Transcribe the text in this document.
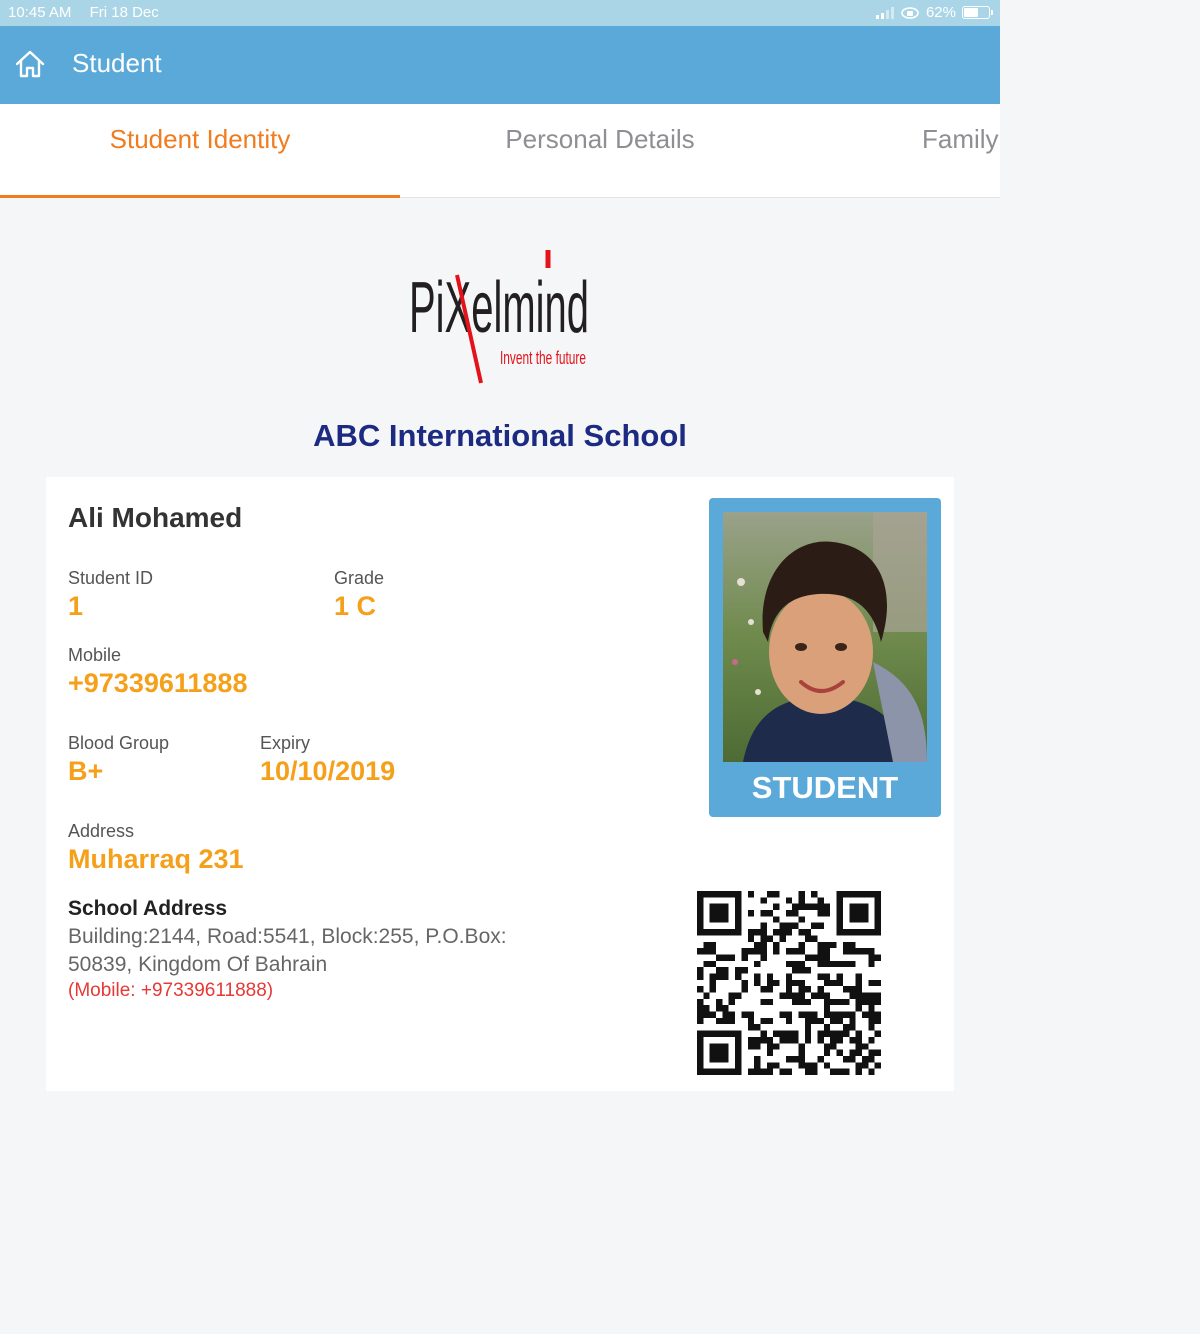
10:45 AM Fri 18 Dec	62%
Student
Student Identity	Personal Details	Family
PiXelmind
Invent the future
ABC International School
Ali Mohamed
Student ID
1
Grade
1 C
Mobile
+97339611888
Blood Group
B+
Expiry
10/10/2019
Address
Muharraq 231
School Address
Building:2144, Road:5541, Block:255, P.O.Box: 50839, Kingdom Of Bahrain
(Mobile: +97339611888)
STUDENT
